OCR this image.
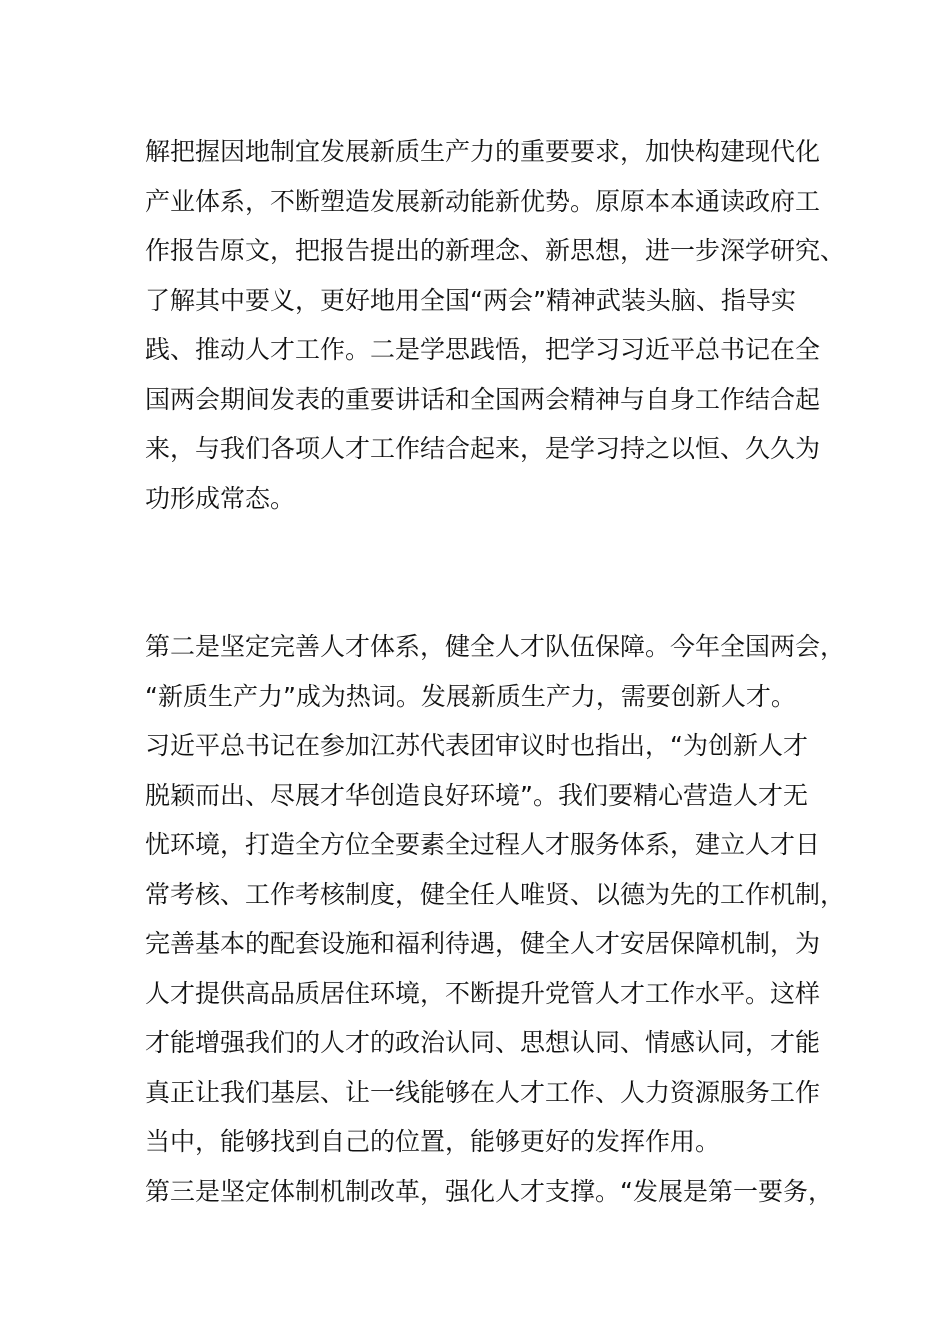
解把握因地制宜发展新质生产力的重要要求，加快构建现代化
产业体系，不断塑造发展新动能新优势。原原本本通读政府工
作报告原文，把报告提出的新理念、新思想，进一步深学研究、
了解其中要义，更好地用全国“两会”精神武装头脑、指导实
践、推动人才工作。二是学思践悟，把学习习近平总书记在全
国两会期间发表的重要讲话和全国两会精神与自身工作结合起
来，与我们各项人才工作结合起来，是学习持之以恒、久久为
功形成常态。
第二是坚定完善人才体系，健全人才队伍保障。今年全国两会，
“新质生产力”成为热词。发展新质生产力，需要创新人才。
习近平总书记在参加江苏代表团审议时也指出，“为创新人才
脱颖而出、尽展才华创造良好环境”。我们要精心营造人才无
忧环境，打造全方位全要素全过程人才服务体系，建立人才日
常考核、工作考核制度，健全任人唯贤、以德为先的工作机制，
完善基本的配套设施和福利待遇，健全人才安居保障机制，为
人才提供高品质居住环境，不断提升党管人才工作水平。这样
才能增强我们的人才的政治认同、思想认同、情感认同，才能
真正让我们基层、让一线能够在人才工作、人力资源服务工作
当中，能够找到自己的位置，能够更好的发挥作用。
第三是坚定体制机制改革，强化人才支撑。“发展是第一要务，
